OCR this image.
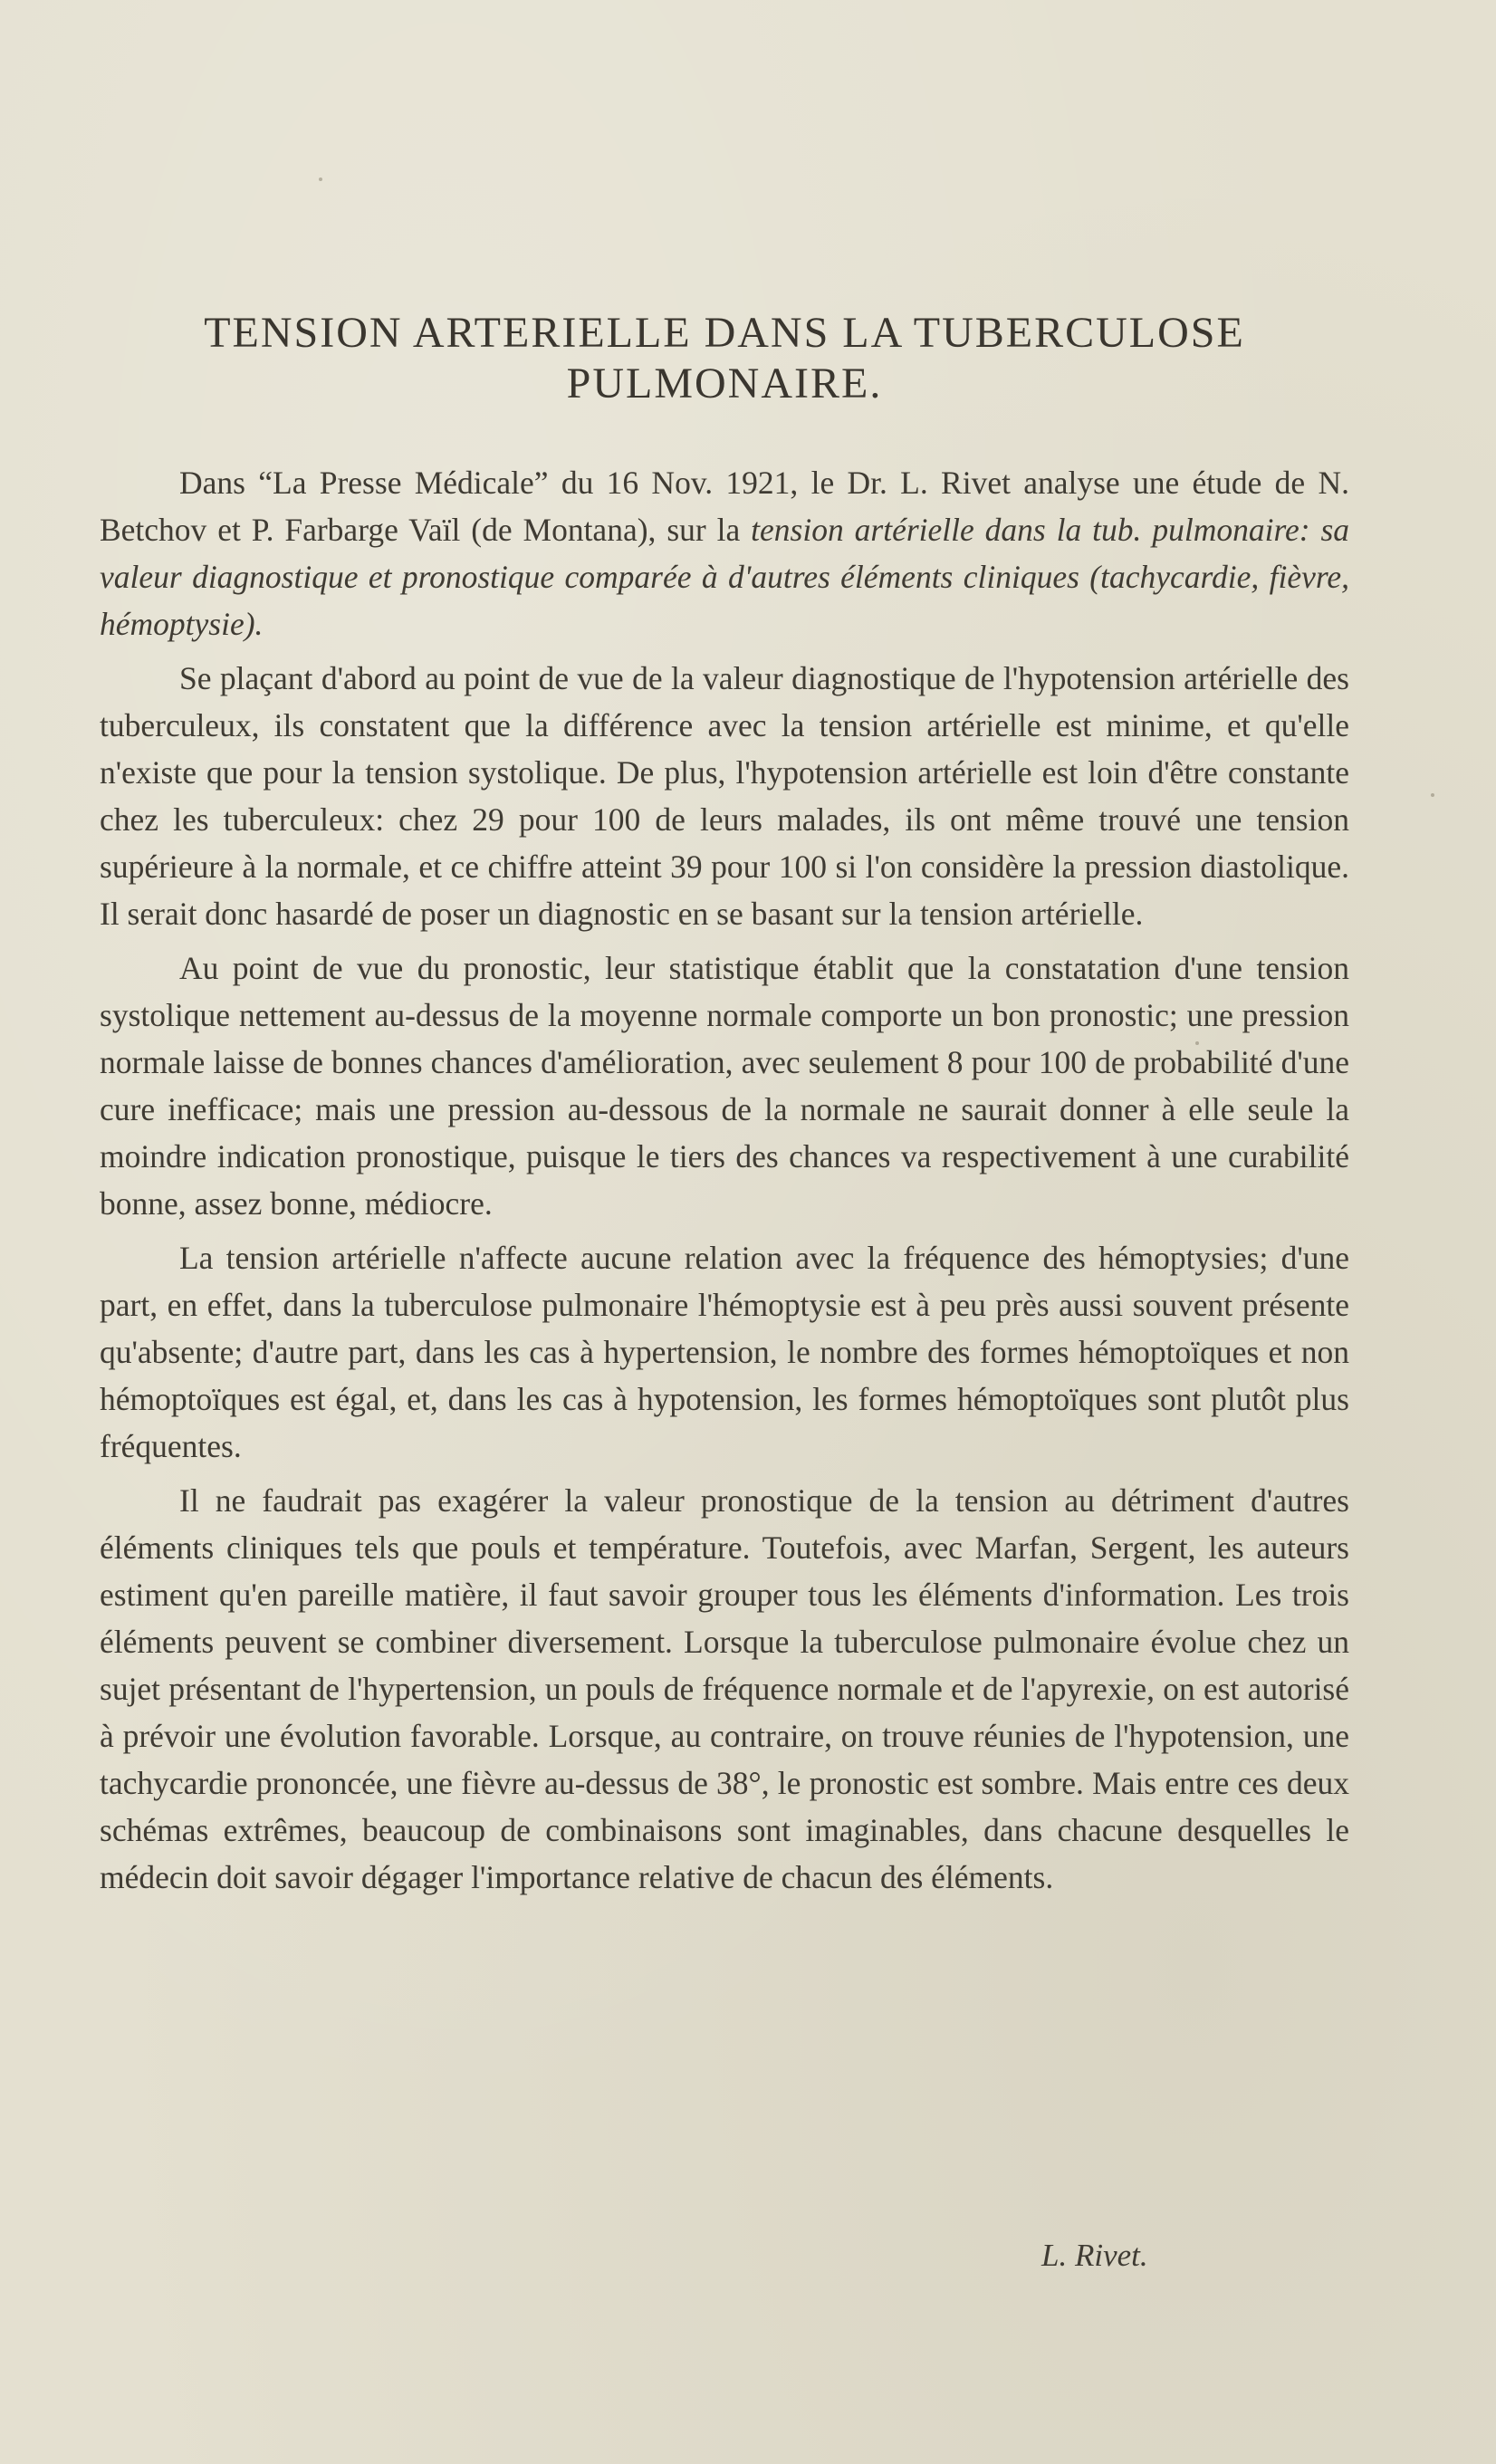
TENSION ARTERIELLE DANS LA TUBERCULOSE
PULMONAIRE.

Dans “La Presse Médicale” du 16 Nov. 1921, le Dr. L. Rivet analyse une étude de N. Betchov et P. Farbarge Vaïl (de Montana), sur la tension artérielle dans la tub. pulmonaire: sa valeur diagnostique et pronostique comparée à d'autres éléments cliniques (tachycardie, fièvre, hémoptysie).

Se plaçant d'abord au point de vue de la valeur diagnostique de l'hypotension artérielle des tuberculeux, ils constatent que la différence avec la tension artérielle est minime, et qu'elle n'existe que pour la tension systolique. De plus, l'hypotension artérielle est loin d'être constante chez les tuberculeux: chez 29 pour 100 de leurs malades, ils ont même trouvé une tension supérieure à la normale, et ce chiffre atteint 39 pour 100 si l'on considère la pression diastolique. Il serait donc hasardé de poser un diagnostic en se basant sur la tension artérielle.

Au point de vue du pronostic, leur statistique établit que la constatation d'une tension systolique nettement au-dessus de la moyenne normale comporte un bon pronostic; une pression normale laisse de bonnes chances d'amélioration, avec seulement 8 pour 100 de probabilité d'une cure inefficace; mais une pression au-dessous de la normale ne saurait donner à elle seule la moindre indication pronostique, puisque le tiers des chances va respectivement à une curabilité bonne, assez bonne, médiocre.

La tension artérielle n'affecte aucune relation avec la fréquence des hémoptysies; d'une part, en effet, dans la tuberculose pulmonaire l'hémoptysie est à peu près aussi souvent présente qu'absente; d'autre part, dans les cas à hypertension, le nombre des formes hémoptoïques et non hémoptoïques est égal, et, dans les cas à hypotension, les formes hémoptoïques sont plutôt plus fréquentes.

Il ne faudrait pas exagérer la valeur pronostique de la tension au détriment d'autres éléments cliniques tels que pouls et température. Toutefois, avec Marfan, Sergent, les auteurs estiment qu'en pareille matière, il faut savoir grouper tous les éléments d'information. Les trois éléments peuvent se combiner diversement. Lorsque la tuberculose pulmonaire évolue chez un sujet présentant de l'hypertension, un pouls de fréquence normale et de l'apyrexie, on est autorisé à prévoir une évolution favorable. Lorsque, au contraire, on trouve réunies de l'hypotension, une tachycardie prononcée, une fièvre au-dessus de 38°, le pronostic est sombre. Mais entre ces deux schémas extrêmes, beaucoup de combinaisons sont imaginables, dans chacune desquelles le médecin doit savoir dégager l'importance relative de chacun des éléments.

L. Rivet.
